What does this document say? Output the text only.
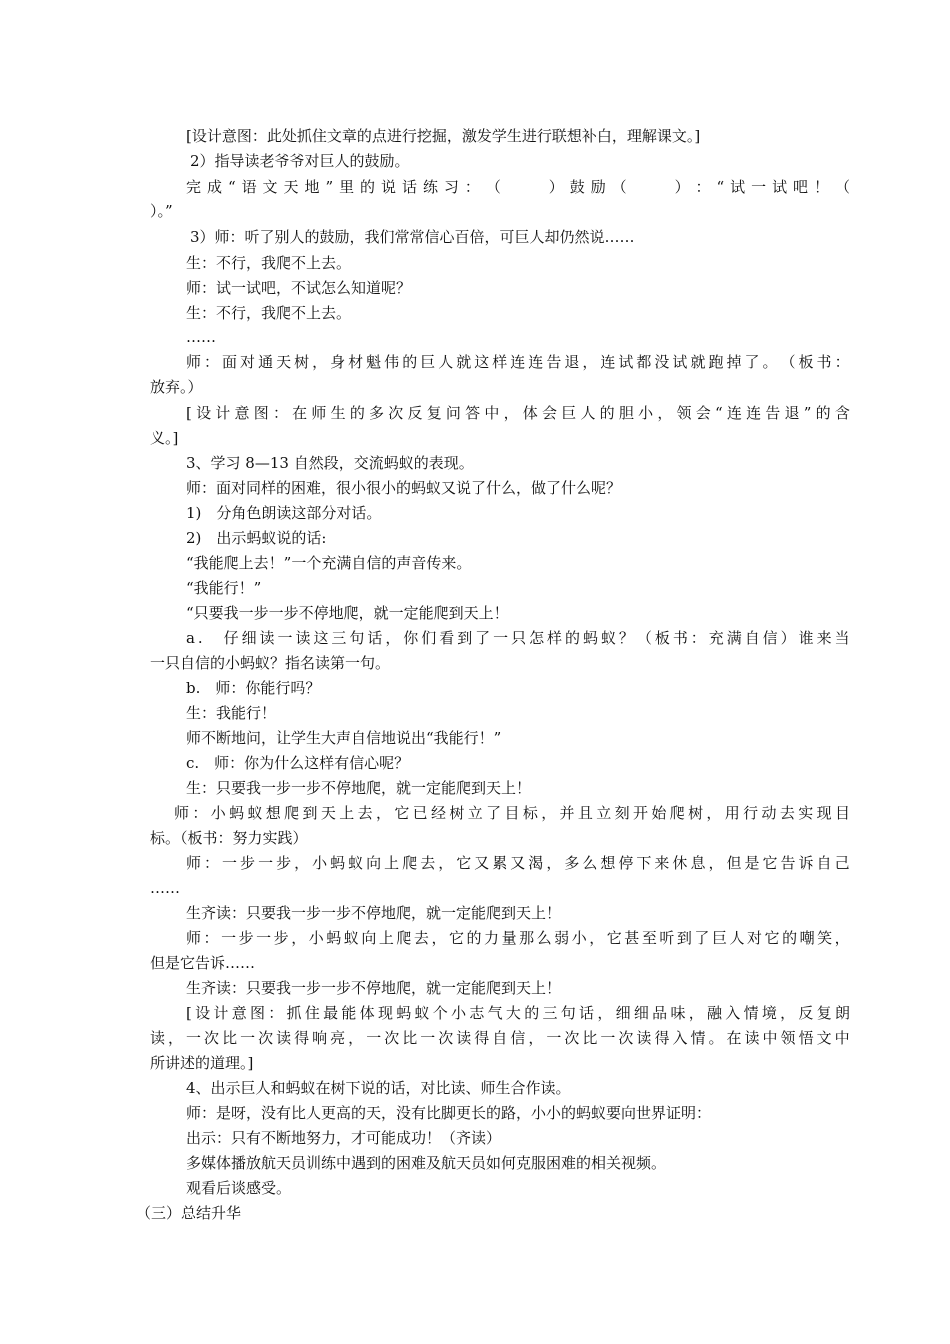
[设计意图：此处抓住文章的点进行挖掘，激发学生进行联想补白，理解课文。]
2）指导读老爷爷对巨人的鼓励。
完 成 “ 语 文 天 地 ” 里 的 说 话 练 习 ： （

　	） 鼓 励 （

　	） ： “ 试 一 试 吧 ！ （
）。”
3）师：听了别人的鼓励，我们常常信心百倍，可巨人却仍然说……
生：不行，我爬不上去。
师：试一试吧，不试怎么知道呢？
生：不行，我爬不上去。
……
师 ： 面 对 通 天 树 ， 身 材 魁 伟 的 巨 人 就 这 样 连 连 告 退 ， 连 试 都 没 试 就 跑 掉 了 。 （ 板 书 ：
放弃。）
[ 设 计 意 图 ： 在 师 生 的 多 次 反 复 问 答 中 ， 体 会 巨 人 的 胆 小 ， 领 会 “ 连 连 告 退 ” 的 含
义。]
3、学习 8—13 自然段，交流蚂蚁的表现。
师：面对同样的困难，很小很小的蚂蚁又说了什么，做了什么呢？
1)　分角色朗读这部分对话。
2)　出示蚂蚁说的话:
“我能爬上去！”一个充满自信的声音传来。
“我能行！”
“只要我一步一步不停地爬，就一定能爬到天上！
a .
　 仔 细 读 一 读 这 三 句 话 ， 你 们 看 到 了 一 只 怎 样 的 蚂 蚁 ？ （ 板 书 ： 充 满 自 信 ） 谁 来 当
一只自信的小蚂蚁？指名读第一句。
b.　师：你能行吗？
生：我能行！
师不断地问，让学生大声自信地说出“我能行！”
c.　师：你为什么这样有信心呢？
生：只要我一步一步不停地爬，就一定能爬到天上！
师 ： 小 蚂 蚁 想 爬 到 天 上 去 ， 它 已 经 树 立 了 目 标 ， 并 且 立 刻 开 始 爬 树 ， 用 行 动 去 实 现 目
标。（板书：努力实践）
师 ： 一 步 一 步 ， 小 蚂 蚁 向 上 爬 去 ， 它 又 累 又 渴 ， 多 么 想 停 下 来 休 息 ， 但 是 它 告 诉 自 己
……
生齐读：只要我一步一步不停地爬，就一定能爬到天上！
师 ： 一 步 一 步 ， 小 蚂 蚁 向 上 爬 去 ， 它 的 力 量 那 么 弱 小 ， 它 甚 至 听 到 了 巨 人 对 它 的 嘲 笑 ，
但是它告诉……
生齐读：只要我一步一步不停地爬，就一定能爬到天上！
[ 设 计 意 图 ： 抓 住 最 能 体 现 蚂 蚁 个 小 志 气 大 的 三 句 话 ， 细 细 品 味 ， 融 入 情 境 ， 反 复 朗
读 ， 一 次 比 一 次 读 得 响 亮 ， 一 次 比 一 次 读 得 自 信 ， 一 次 比 一 次 读 得 入 情 。 在 读 中 领 悟 文 中
所讲述的道理。]
4、出示巨人和蚂蚁在树下说的话，对比读、师生合作读。
师：是呀，没有比人更高的天，没有比脚更长的路，小小的蚂蚁要向世界证明：
出示：只有不断地努力，才可能成功！（齐读）
多媒体播放航天员训练中遇到的困难及航天员如何克服困难的相关视频。
观看后谈感受。
（三）总结升华
